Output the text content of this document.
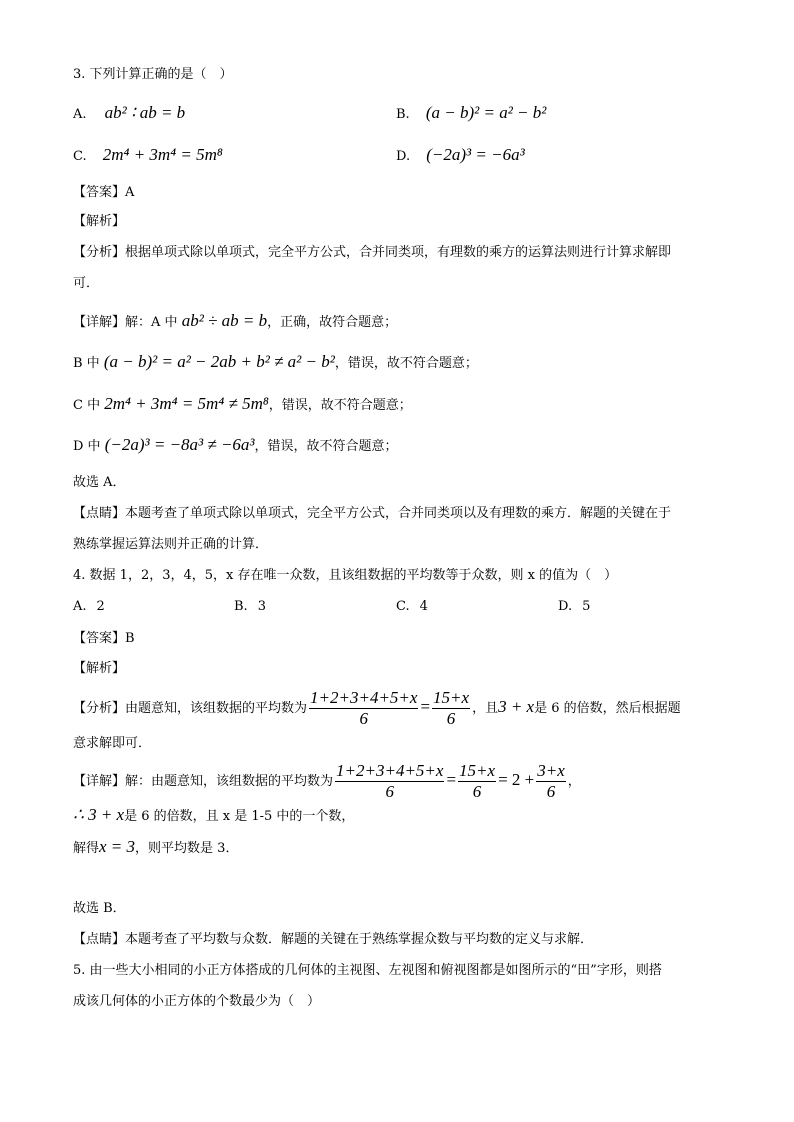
3. 下列计算正确的是（　）
A. ab² ∶ ab = b	B. (a − b)² = a² − b²
C. 2m⁴ + 3m⁴ = 5m⁸	D. (−2a)³ = −6a³
【答案】A
【解析】
【分析】根据单项式除以单项式，完全平方公式，合并同类项，有理数的乘方的运算法则进行计算求解即
可．
【详解】解：A 中 ab² ÷ ab = b，正确，故符合题意；
B 中 (a − b)² = a² − 2ab + b² ≠ a² − b²，错误，故不符合题意；
C 中 2m⁴ + 3m⁴ = 5m⁴ ≠ 5m⁸，错误，故不符合题意；
D 中 (−2a)³ = −8a³ ≠ −6a³，错误，故不符合题意；
故选 A．
【点睛】本题考查了单项式除以单项式，完全平方公式，合并同类项以及有理数的乘方．解题的关键在于
熟练掌握运算法则并正确的计算．
4. 数据 1，2，3，4，5，x 存在唯一众数，且该组数据的平均数等于众数，则 x 的值为（　）
A. 2	B. 3	C. 4	D. 5
【答案】B
【解析】
【分析】由题意知，该组数据的平均数为 $\frac{1+2+3+4+5+x}{6} = \frac{15+x}{6}$ ，且3 + x是 6 的倍数，然后根据题
意求解即可．
【详解】解：由题意知，该组数据的平均数为 $\frac{1+2+3+4+5+x}{6} = \frac{15+x}{6} = 2 + \frac{3+x}{6}$ ，
∴ 3 + x是 6 的倍数，且 x 是 1-5 中的一个数，
解得x = 3，则平均数是 3．
故选 B．
【点睛】本题考查了平均数与众数．解题的关键在于熟练掌握众数与平均数的定义与求解．
5. 由一些大小相同的小正方体搭成的几何体的主视图、左视图和俯视图都是如图所示的“田”字形，则搭
成该几何体的小正方体的个数最少为（　）
